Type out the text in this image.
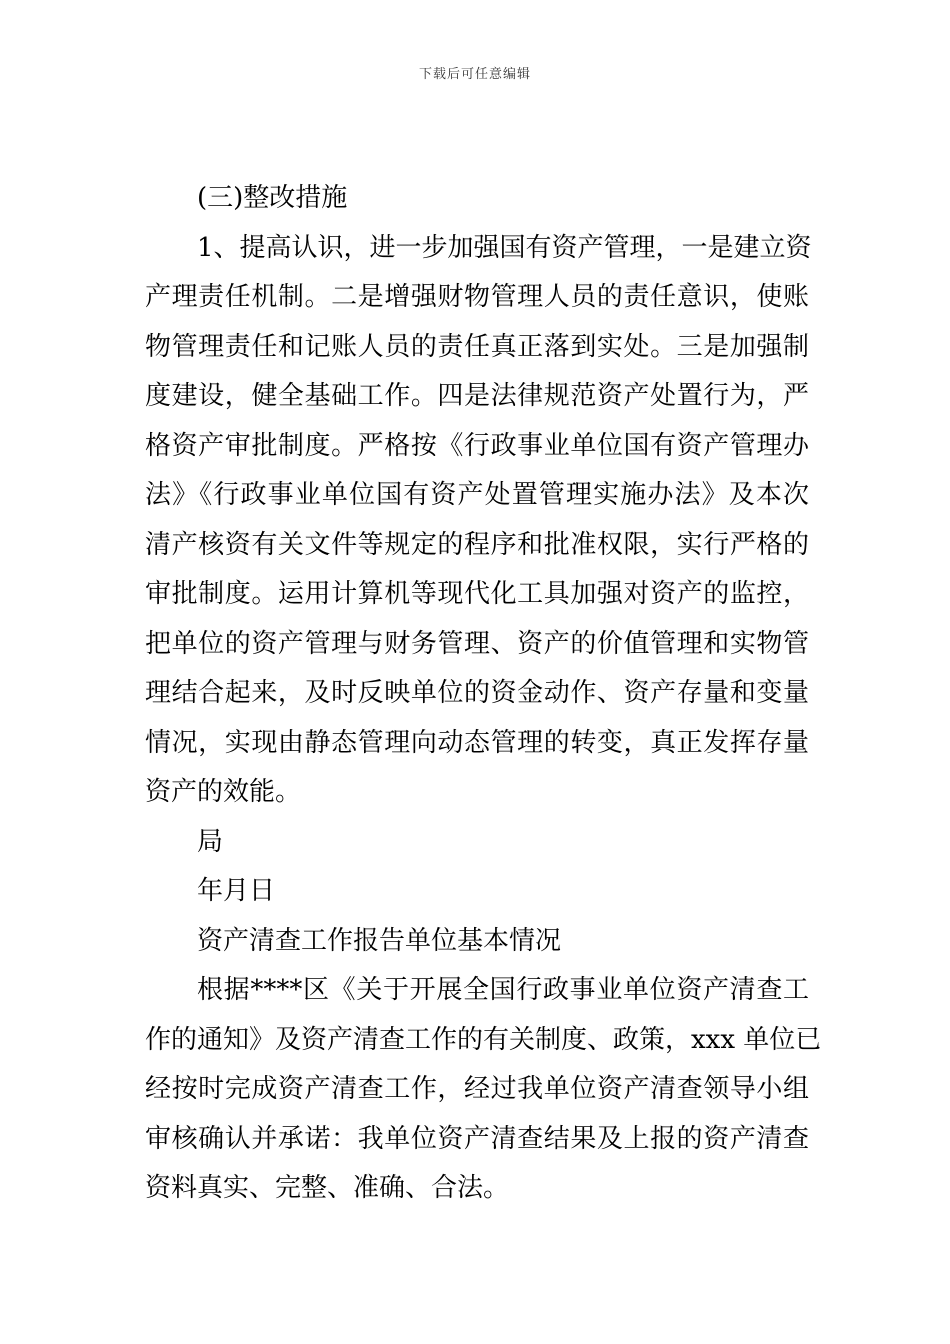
下载后可任意编辑
(三)整改措施
1、提高认识，进一步加强国有资产管理，一是建立资
产理责任机制。二是增强财物管理人员的责任意识，使账
物管理责任和记账人员的责任真正落到实处。三是加强制
度建设，健全基础工作。四是法律规范资产处置行为，严
格资产审批制度。严格按《行政事业单位国有资产管理办
法》《行政事业单位国有资产处置管理实施办法》及本次
清产核资有关文件等规定的程序和批准权限，实行严格的
审批制度。运用计算机等现代化工具加强对资产的监控，
把单位的资产管理与财务管理、资产的价值管理和实物管
理结合起来，及时反映单位的资金动作、资产存量和变量
情况，实现由静态管理向动态管理的转变，真正发挥存量
资产的效能。
局
年月日
资产清查工作报告单位基本情况
根据****区《关于开展全国行政事业单位资产清查工
作的通知》及资产清查工作的有关制度、政策，xxx 单位已
经按时完成资产清查工作，经过我单位资产清查领导小组
审核确认并承诺：我单位资产清查结果及上报的资产清查
资料真实、完整、准确、合法。
